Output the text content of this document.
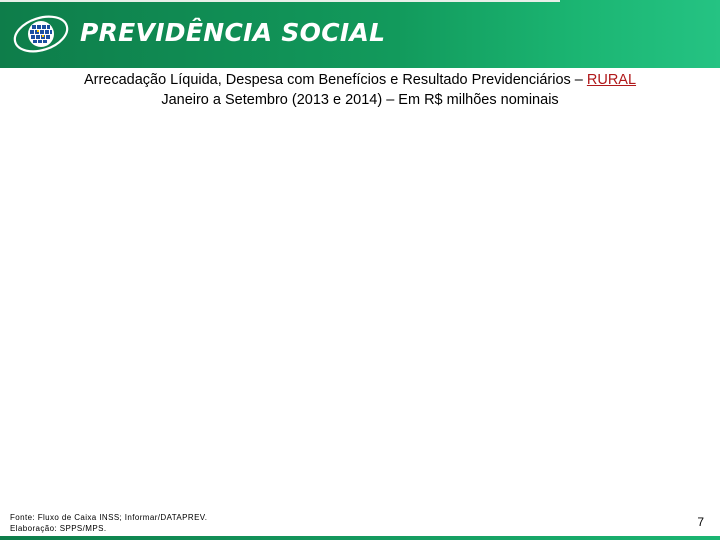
PREVIDÊNCIA SOCIAL
Arrecadação Líquida, Despesa com Benefícios e Resultado Previdenciários – RURAL
Janeiro a Setembro (2013 e 2014) – Em R$ milhões nominais
Fonte: Fluxo de Caixa INSS; Informar/DATAPREV.
Elaboração: SPPS/MPS.	7
